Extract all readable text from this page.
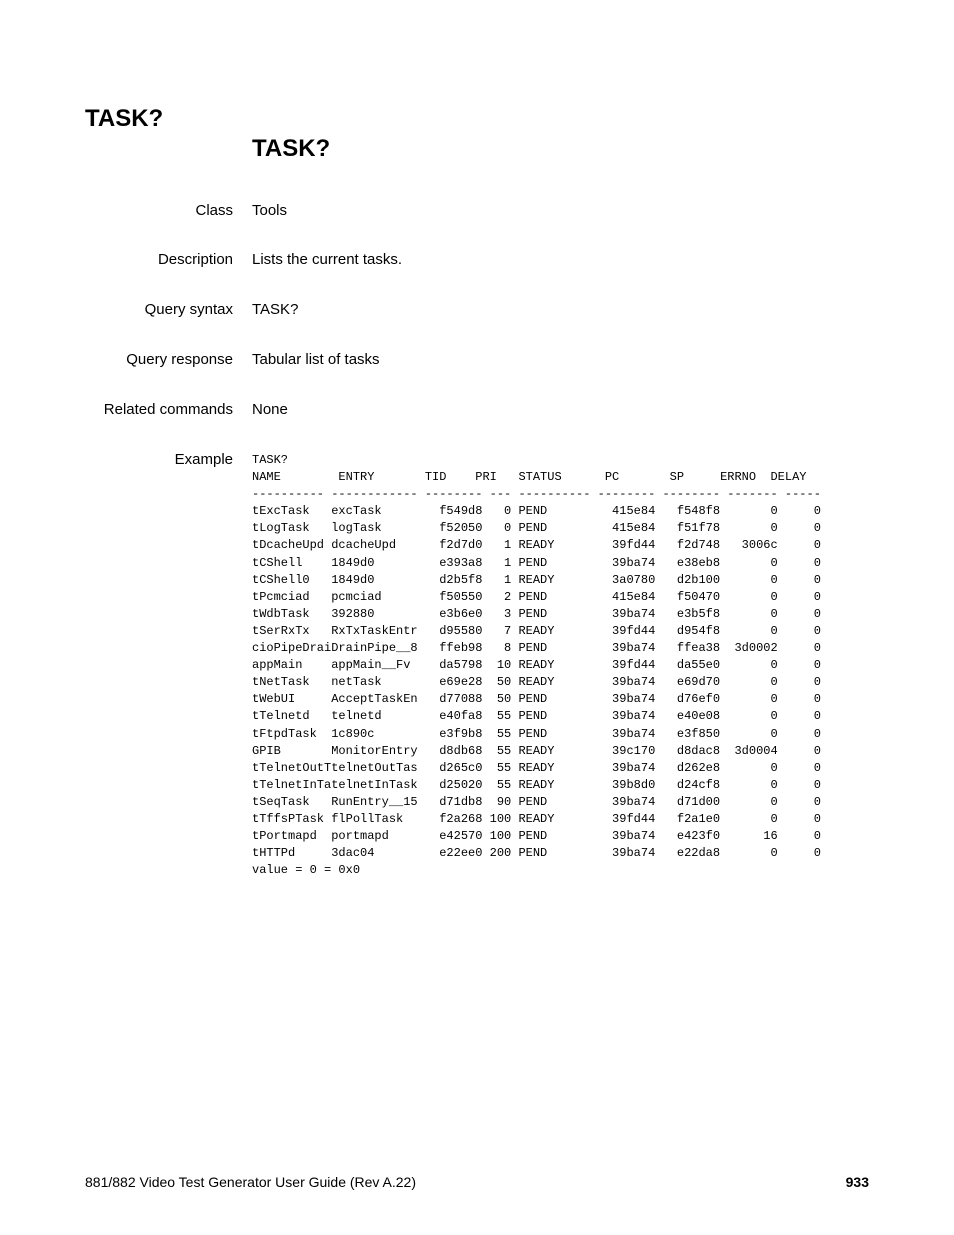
TASK?
TASK?
Class Tools
Description Lists the current tasks.
Query syntax TASK?
Query response Tabular list of tasks
Related commands None
Example TASK?
NAME        ENTRY       TID    PRI   STATUS      PC       SP     ERRNO  DELAY
---------- ------------ -------- --- ---------- -------- -------- ------- -----
tExcTask   excTask        f549d8   0 PEND         415e84   f548f8       0     0
tLogTask   logTask        f52050   0 PEND         415e84   f51f78       0     0
tDcacheUpd dcacheUpd      f2d7d0   1 READY        39fd44   f2d748   3006c     0
tCShell    1849d0         e393a8   1 PEND         39ba74   e38eb8       0     0
tCShell0   1849d0         d2b5f8   1 READY        3a0780   d2b100       0     0
tPcmciad   pcmciad        f50550   2 PEND         415e84   f50470       0     0
tWdbTask   392880         e3b6e0   3 PEND         39ba74   e3b5f8       0     0
tSerRxTx   RxTxTaskEntr   d95580   7 READY        39fd44   d954f8       0     0
cioPipeDraiDrainPipe__8   ffeb98   8 PEND         39ba74   ffea38  3d0002     0
appMain    appMain__Fv    da5798  10 READY        39fd44   da55e0       0     0
tNetTask   netTask        e69e28  50 READY        39ba74   e69d70       0     0
tWebUI     AcceptTaskEn   d77088  50 PEND         39ba74   d76ef0       0     0
tTelnetd   telnetd        e40fa8  55 PEND         39ba74   e40e08       0     0
tFtpdTask  1c890c         e3f9b8  55 PEND         39ba74   e3f850       0     0
GPIB       MonitorEntry   d8db68  55 READY        39c170   d8dac8  3d0004     0
tTelnetOutTtelnetOutTas   d265c0  55 READY        39ba74   d262e8       0     0
tTelnetInTatelnetInTask   d25020  55 READY        39b8d0   d24cf8       0     0
tSeqTask   RunEntry__15   d71db8  90 PEND         39ba74   d71d00       0     0
tTffsPTask flPollTask     f2a268 100 READY        39fd44   f2a1e0       0     0
tPortmapd  portmapd       e42570 100 PEND         39ba74   e423f0      16     0
tHTTPd     3dac04         e22ee0 200 PEND         39ba74   e22da8       0     0
value = 0 = 0x0
881/882 Video Test Generator User Guide (Rev A.22)	933
